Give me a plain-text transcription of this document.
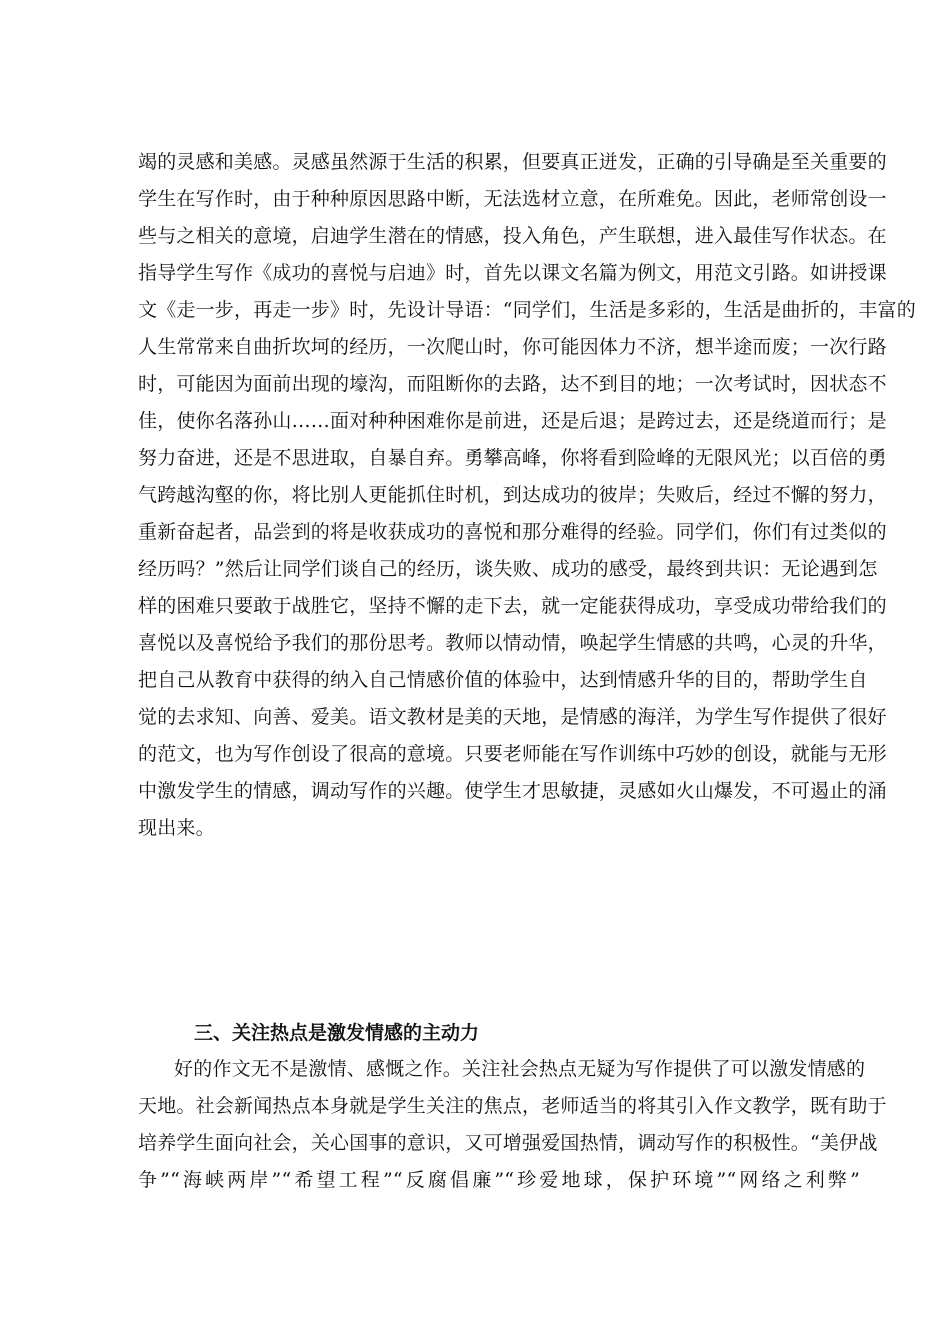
竭的灵感和美感。灵感虽然源于生活的积累，但要真正迸发，正确的引导确是至关重要的
学生在写作时，由于种种原因思路中断，无法选材立意，在所难免。因此，老师常创设一
些与之相关的意境，启迪学生潜在的情感，投入角色，产生联想，进入最佳写作状态。在
指导学生写作《成功的喜悦与启迪》时，首先以课文名篇为例文，用范文引路。如讲授课
文《走一步，再走一步》时，先设计导语：“同学们，生活是多彩的，生活是曲折的，丰富的
人生常常来自曲折坎坷的经历，一次爬山时，你可能因体力不济，想半途而废；一次行路
时，可能因为面前出现的壕沟，而阻断你的去路，达不到目的地；一次考试时，因状态不
佳，使你名落孙山……面对种种困难你是前进，还是后退；是跨过去，还是绕道而行；是
努力奋进，还是不思进取，自暴自弃。勇攀高峰，你将看到险峰的无限风光；以百倍的勇
气跨越沟壑的你，将比别人更能抓住时机，到达成功的彼岸；失败后，经过不懈的努力，
重新奋起者，品尝到的将是收获成功的喜悦和那分难得的经验。同学们，你们有过类似的
经历吗？”然后让同学们谈自己的经历，谈失败、成功的感受，最终到共识：无论遇到怎
样的困难只要敢于战胜它，坚持不懈的走下去，就一定能获得成功，享受成功带给我们的
喜悦以及喜悦给予我们的那份思考。教师以情动情，唤起学生情感的共鸣，心灵的升华，
把自己从教育中获得的纳入自己情感价值的体验中，达到情感升华的目的，帮助学生自
觉的去求知、向善、爱美。语文教材是美的天地，是情感的海洋，为学生写作提供了很好
的范文，也为写作创设了很高的意境。只要老师能在写作训练中巧妙的创设，就能与无形
中激发学生的情感，调动写作的兴趣。使学生才思敏捷，灵感如火山爆发，不可遏止的涌
现出来。
三、关注热点是激发情感的主动力
好的作文无不是激情、感慨之作。关注社会热点无疑为写作提供了可以激发情感的
天地。社会新闻热点本身就是学生关注的焦点，老师适当的将其引入作文教学，既有助于
培养学生面向社会，关心国事的意识，又可增强爱国热情，调动写作的积极性。“美伊战
争”“海峡两岸”“希望工程”“反腐倡廉”“珍爱地球，保护环境”“网络之利弊”
